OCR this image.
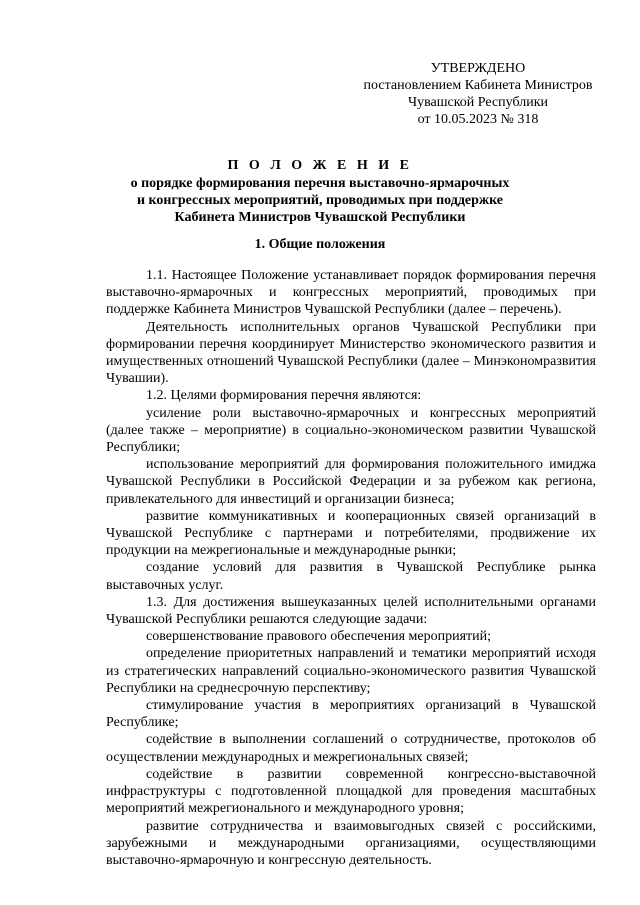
УТВЕРЖДЕНО
постановлением Кабинета Министров
Чувашской Республики
от 10.05.2023 № 318
П О Л О Ж Е Н И Е
о порядке формирования перечня выставочно-ярмарочных
и конгрессных мероприятий, проводимых при поддержке
Кабинета Министров Чувашской Республики
1. Общие положения

1.1. Настоящее Положение устанавливает порядок формирования перечня выставочно-ярмарочных и конгрессных мероприятий, проводимых при поддержке Кабинета Министров Чувашской Республики (далее – перечень).

Деятельность исполнительных органов Чувашской Республики при формировании перечня координирует Министерство экономического развития и имущественных отношений Чувашской Республики (далее – Минэкономразвития Чувашии).

1.2. Целями формирования перечня являются:

усиление роли выставочно-ярмарочных и конгрессных мероприятий (далее также – мероприятие) в социально-экономическом развитии Чувашской Республики;

использование мероприятий для формирования положительного имиджа Чувашской Республики в Российской Федерации и за рубежом как региона, привлекательного для инвестиций и организации бизнеса;

развитие коммуникативных и кооперационных связей организаций в Чувашской Республике с партнерами и потребителями, продвижение их продукции на межрегиональные и международные рынки;

создание условий для развития в Чувашской Республике рынка выставочных услуг.

1.3. Для достижения вышеуказанных целей исполнительными органами Чувашской Республики решаются следующие задачи:

совершенствование правового обеспечения мероприятий;

определение приоритетных направлений и тематики мероприятий исходя из стратегических направлений социально-экономического развития Чувашской Республики на среднесрочную перспективу;

стимулирование участия в мероприятиях организаций в Чувашской Республике;

содействие в выполнении соглашений о сотрудничестве, протоколов об осуществлении международных и межрегиональных связей;

содействие в развитии современной конгрессно-выставочной инфраструктуры с подготовленной площадкой для проведения масштабных мероприятий межрегионального и международного уровня;

развитие сотрудничества и взаимовыгодных связей с российскими, зарубежными и международными организациями, осуществляющими выставочно-ярмарочную и конгрессную деятельность.
